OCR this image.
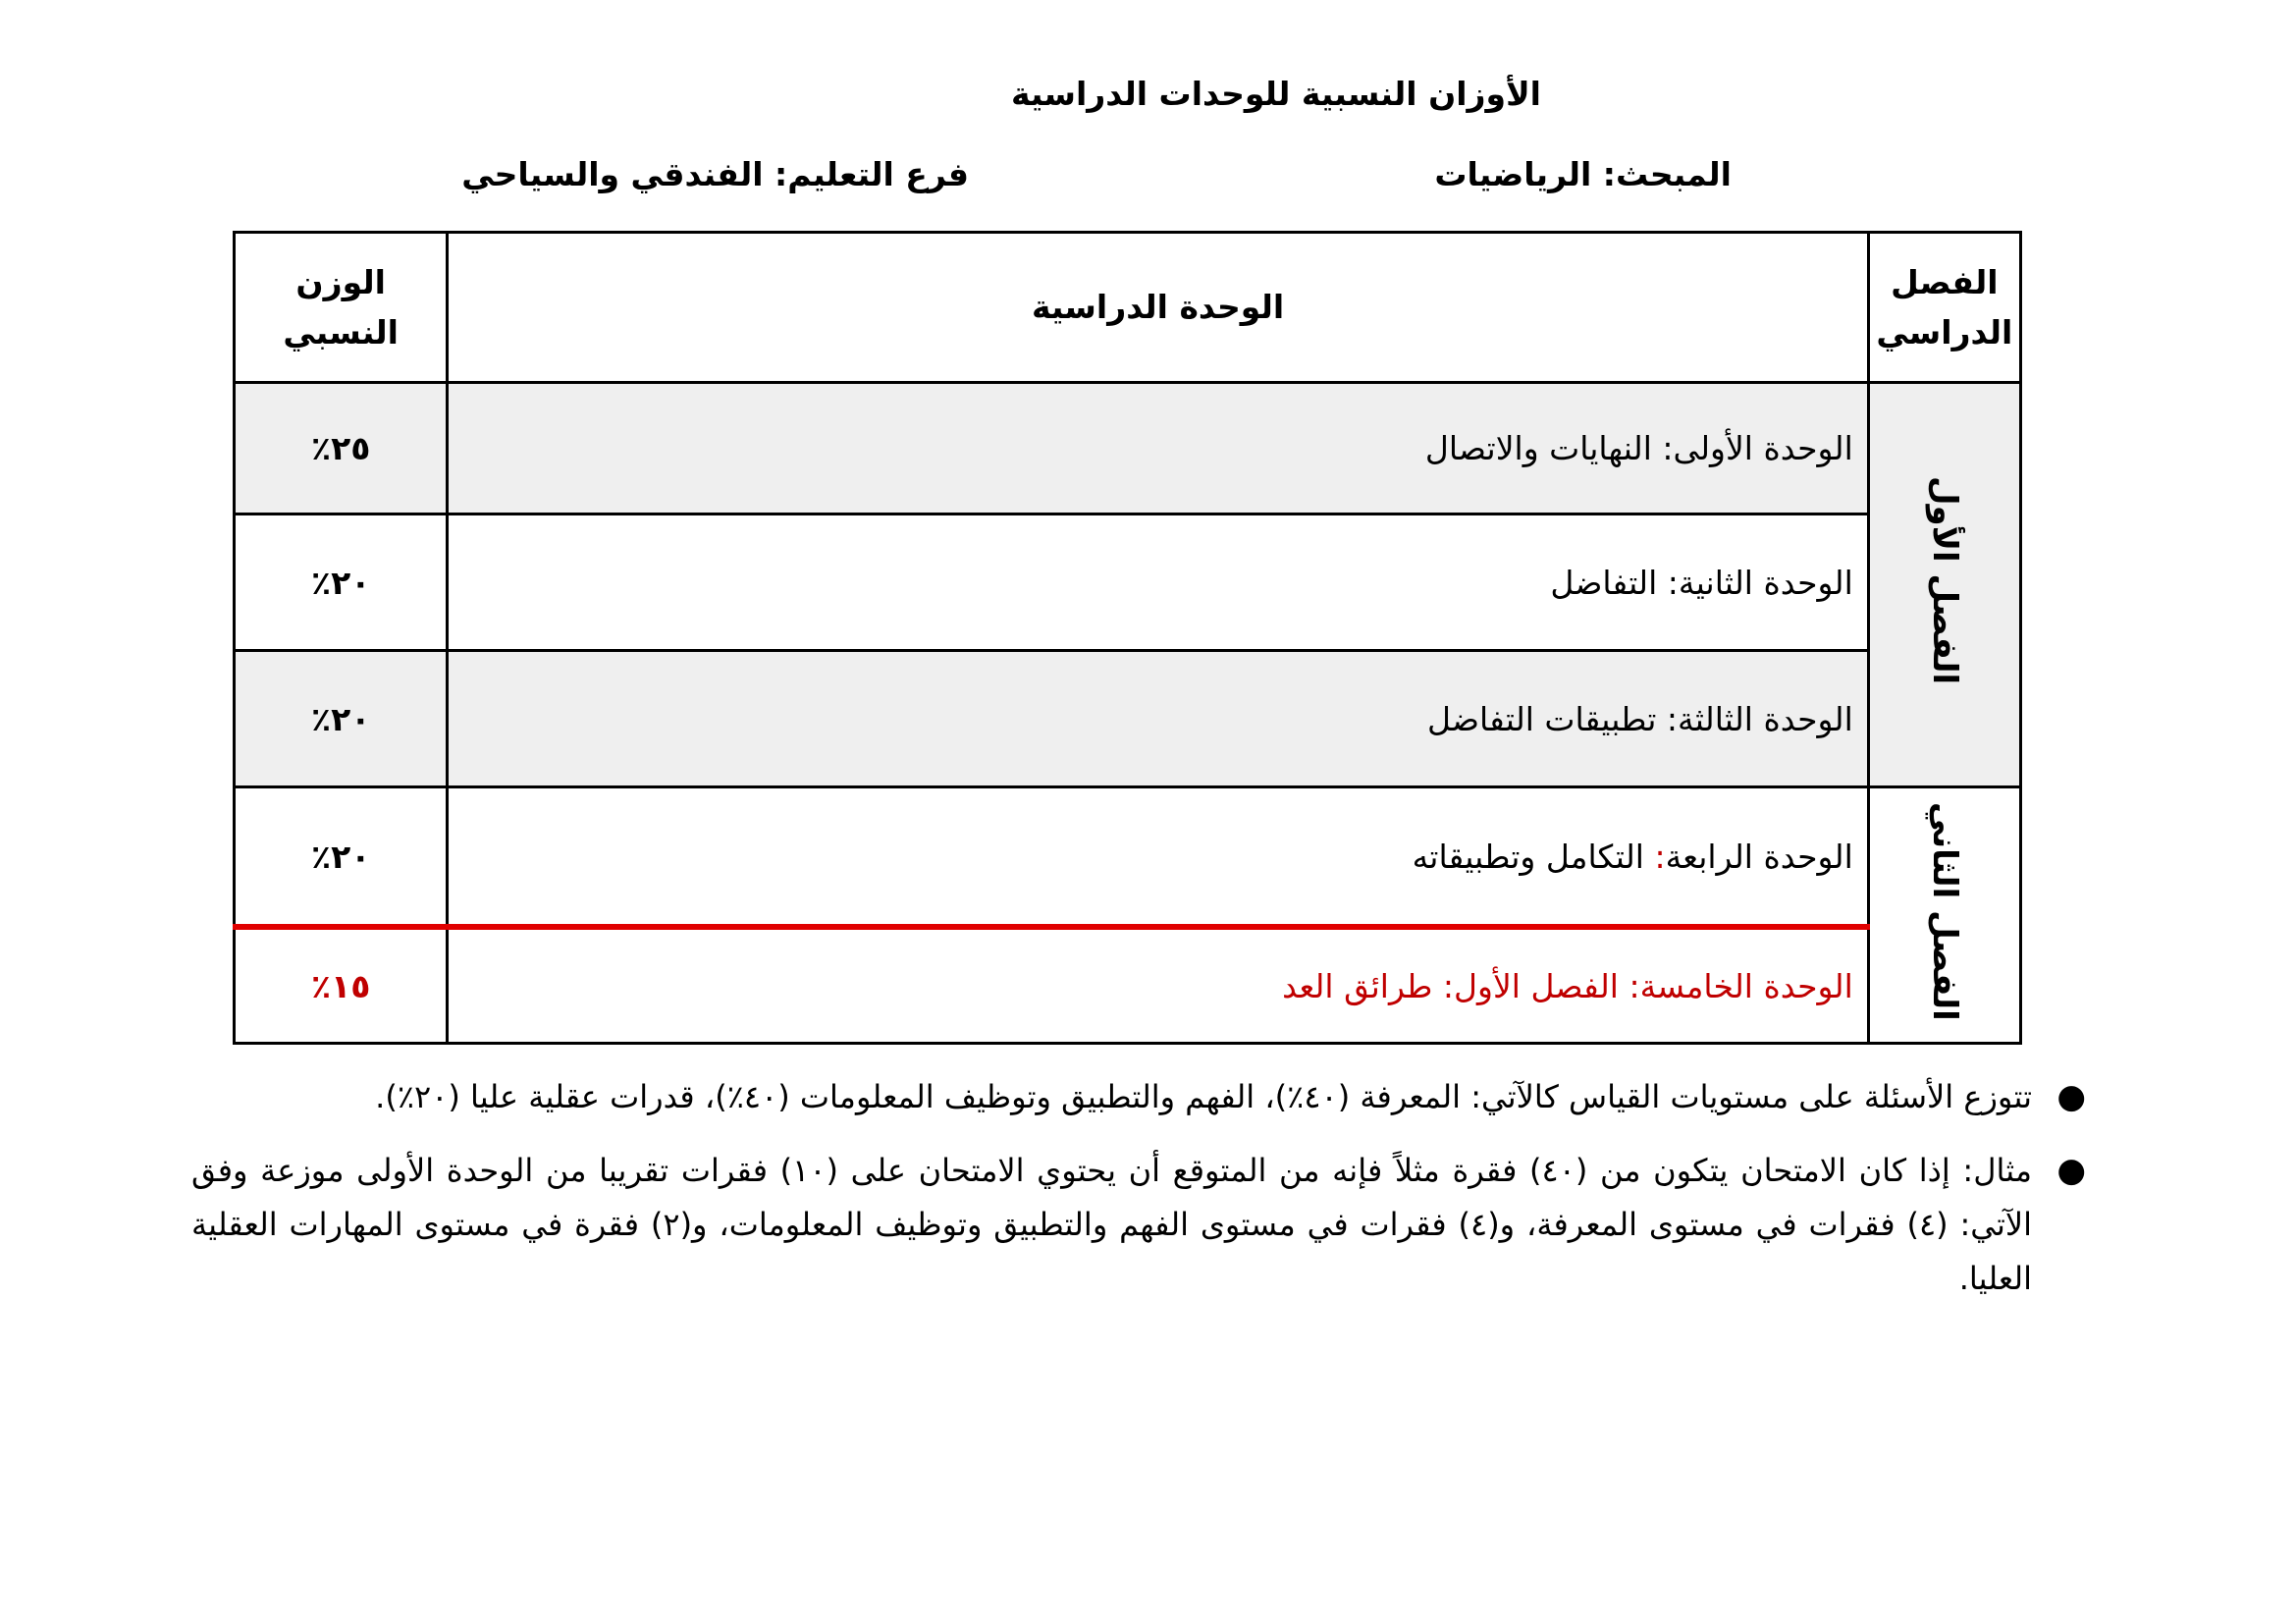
الأوزان النسبية للوحدات الدراسية
المبحث: الرياضيات
فرع التعليم: الفندقي والسياحي
الفصل الدراسي	الوحدة الدراسية	الوزن النسبي
الفصل الأول	الوحدة الأولى: النهايات والاتصال	٢٥٪
	الوحدة الثانية: التفاضل	٢٠٪
	الوحدة الثالثة: تطبيقات التفاضل	٢٠٪
الفصل الثاني	الوحدة الرابعة: التكامل وتطبيقاته	٢٠٪
	الوحدة الخامسة: الفصل الأول: طرائق العد	١٥٪

●
تتوزع الأسئلة على مستويات القياس كالآتي: المعرفة (٤٠٪)، الفهم والتطبيق وتوظيف المعلومات (٤٠٪)، قدرات عقلية عليا (٢٠٪).

●
مثال: إذا كان الامتحان يتكون من (٤٠) فقرة مثلاً فإنه من المتوقع أن يحتوي الامتحان على (١٠) فقرات تقريبا من الوحدة الأولى موزعة وفق الآتي: (٤) فقرات في مستوى المعرفة، و(٤) فقرات في مستوى الفهم والتطبيق وتوظيف المعلومات، و(٢) فقرة في مستوى المهارات العقلية العليا.
